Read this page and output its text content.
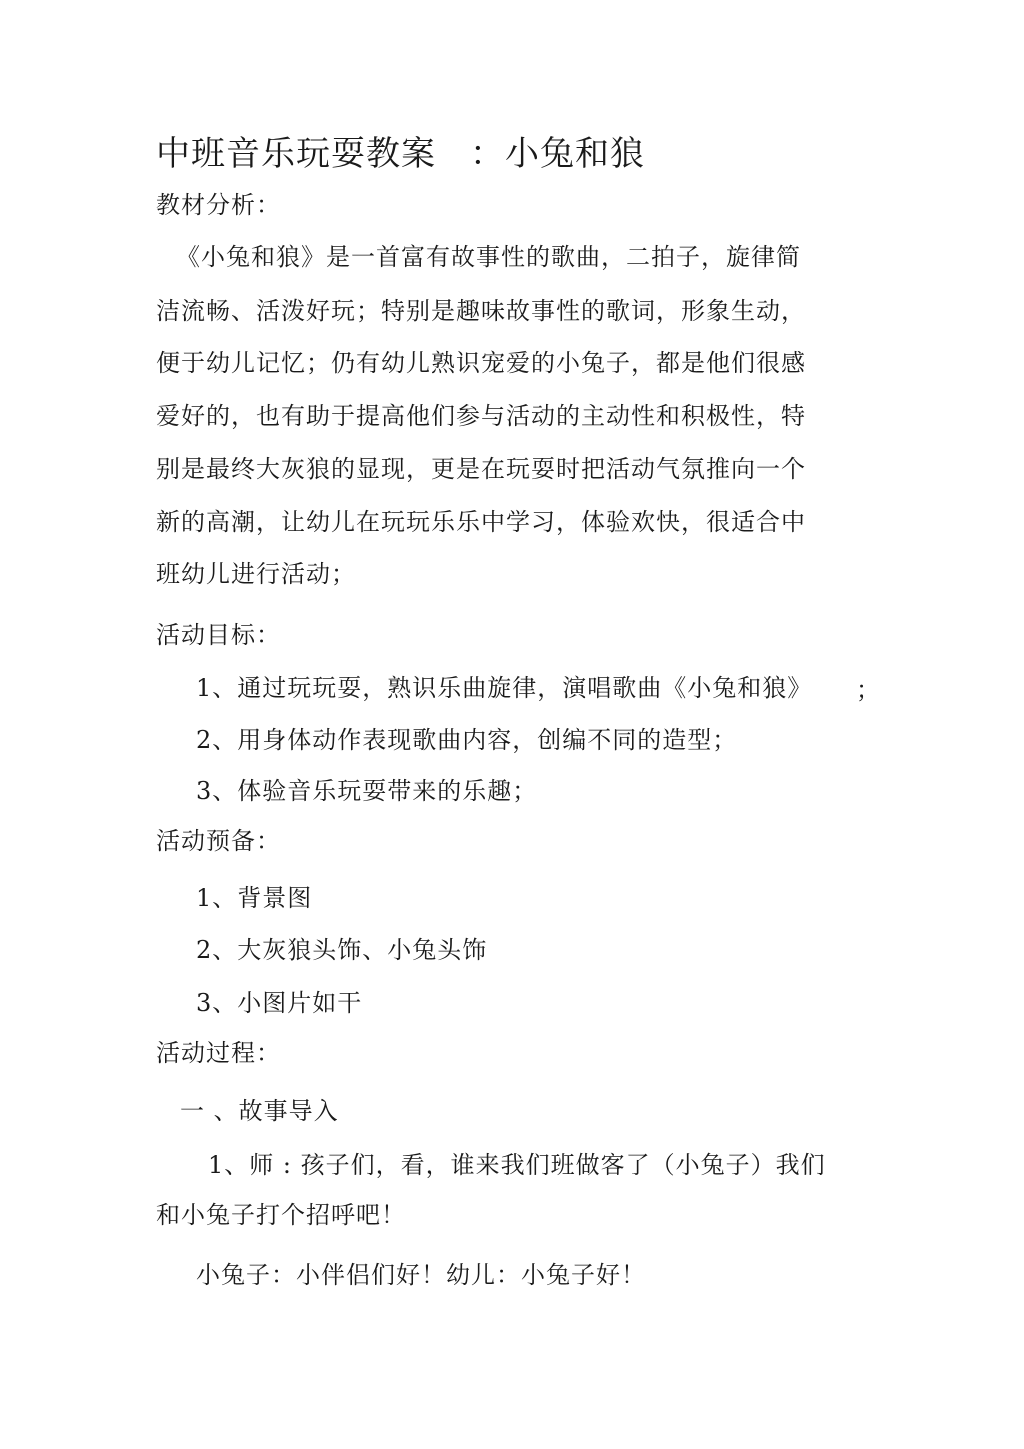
中班音乐玩耍教案 ：小兔和狼
教材分析：
《小兔和狼》是一首富有故事性的歌曲，二拍子，旋律简
洁流畅、活泼好玩；特别是趣味故事性的歌词，形象生动，
便于幼儿记忆；仍有幼儿熟识宠爱的小兔子，都是他们很感
爱好的，也有助于提高他们参与活动的主动性和积极性，特
别是最终大灰狼的显现，更是在玩耍时把活动气氛推向一个
新的高潮，让幼儿在玩玩乐乐中学习，体验欢快，很适合中
班幼儿进行活动；
活动目标：
1、通过玩玩耍，熟识乐曲旋律，演唱歌曲《小兔和狼》 ；
2、用身体动作表现歌曲内容，创编不同的造型；
3、体验音乐玩耍带来的乐趣；
活动预备：
1、背景图
2、大灰狼头饰、小兔头饰
3、小图片如干
活动过程：
一 、故事导入
1、师 : 孩子们，看，谁来我们班做客了（小兔子）我们
和小兔子打个招呼吧！
小兔子：小伴侣们好！幼儿：小兔子好！
